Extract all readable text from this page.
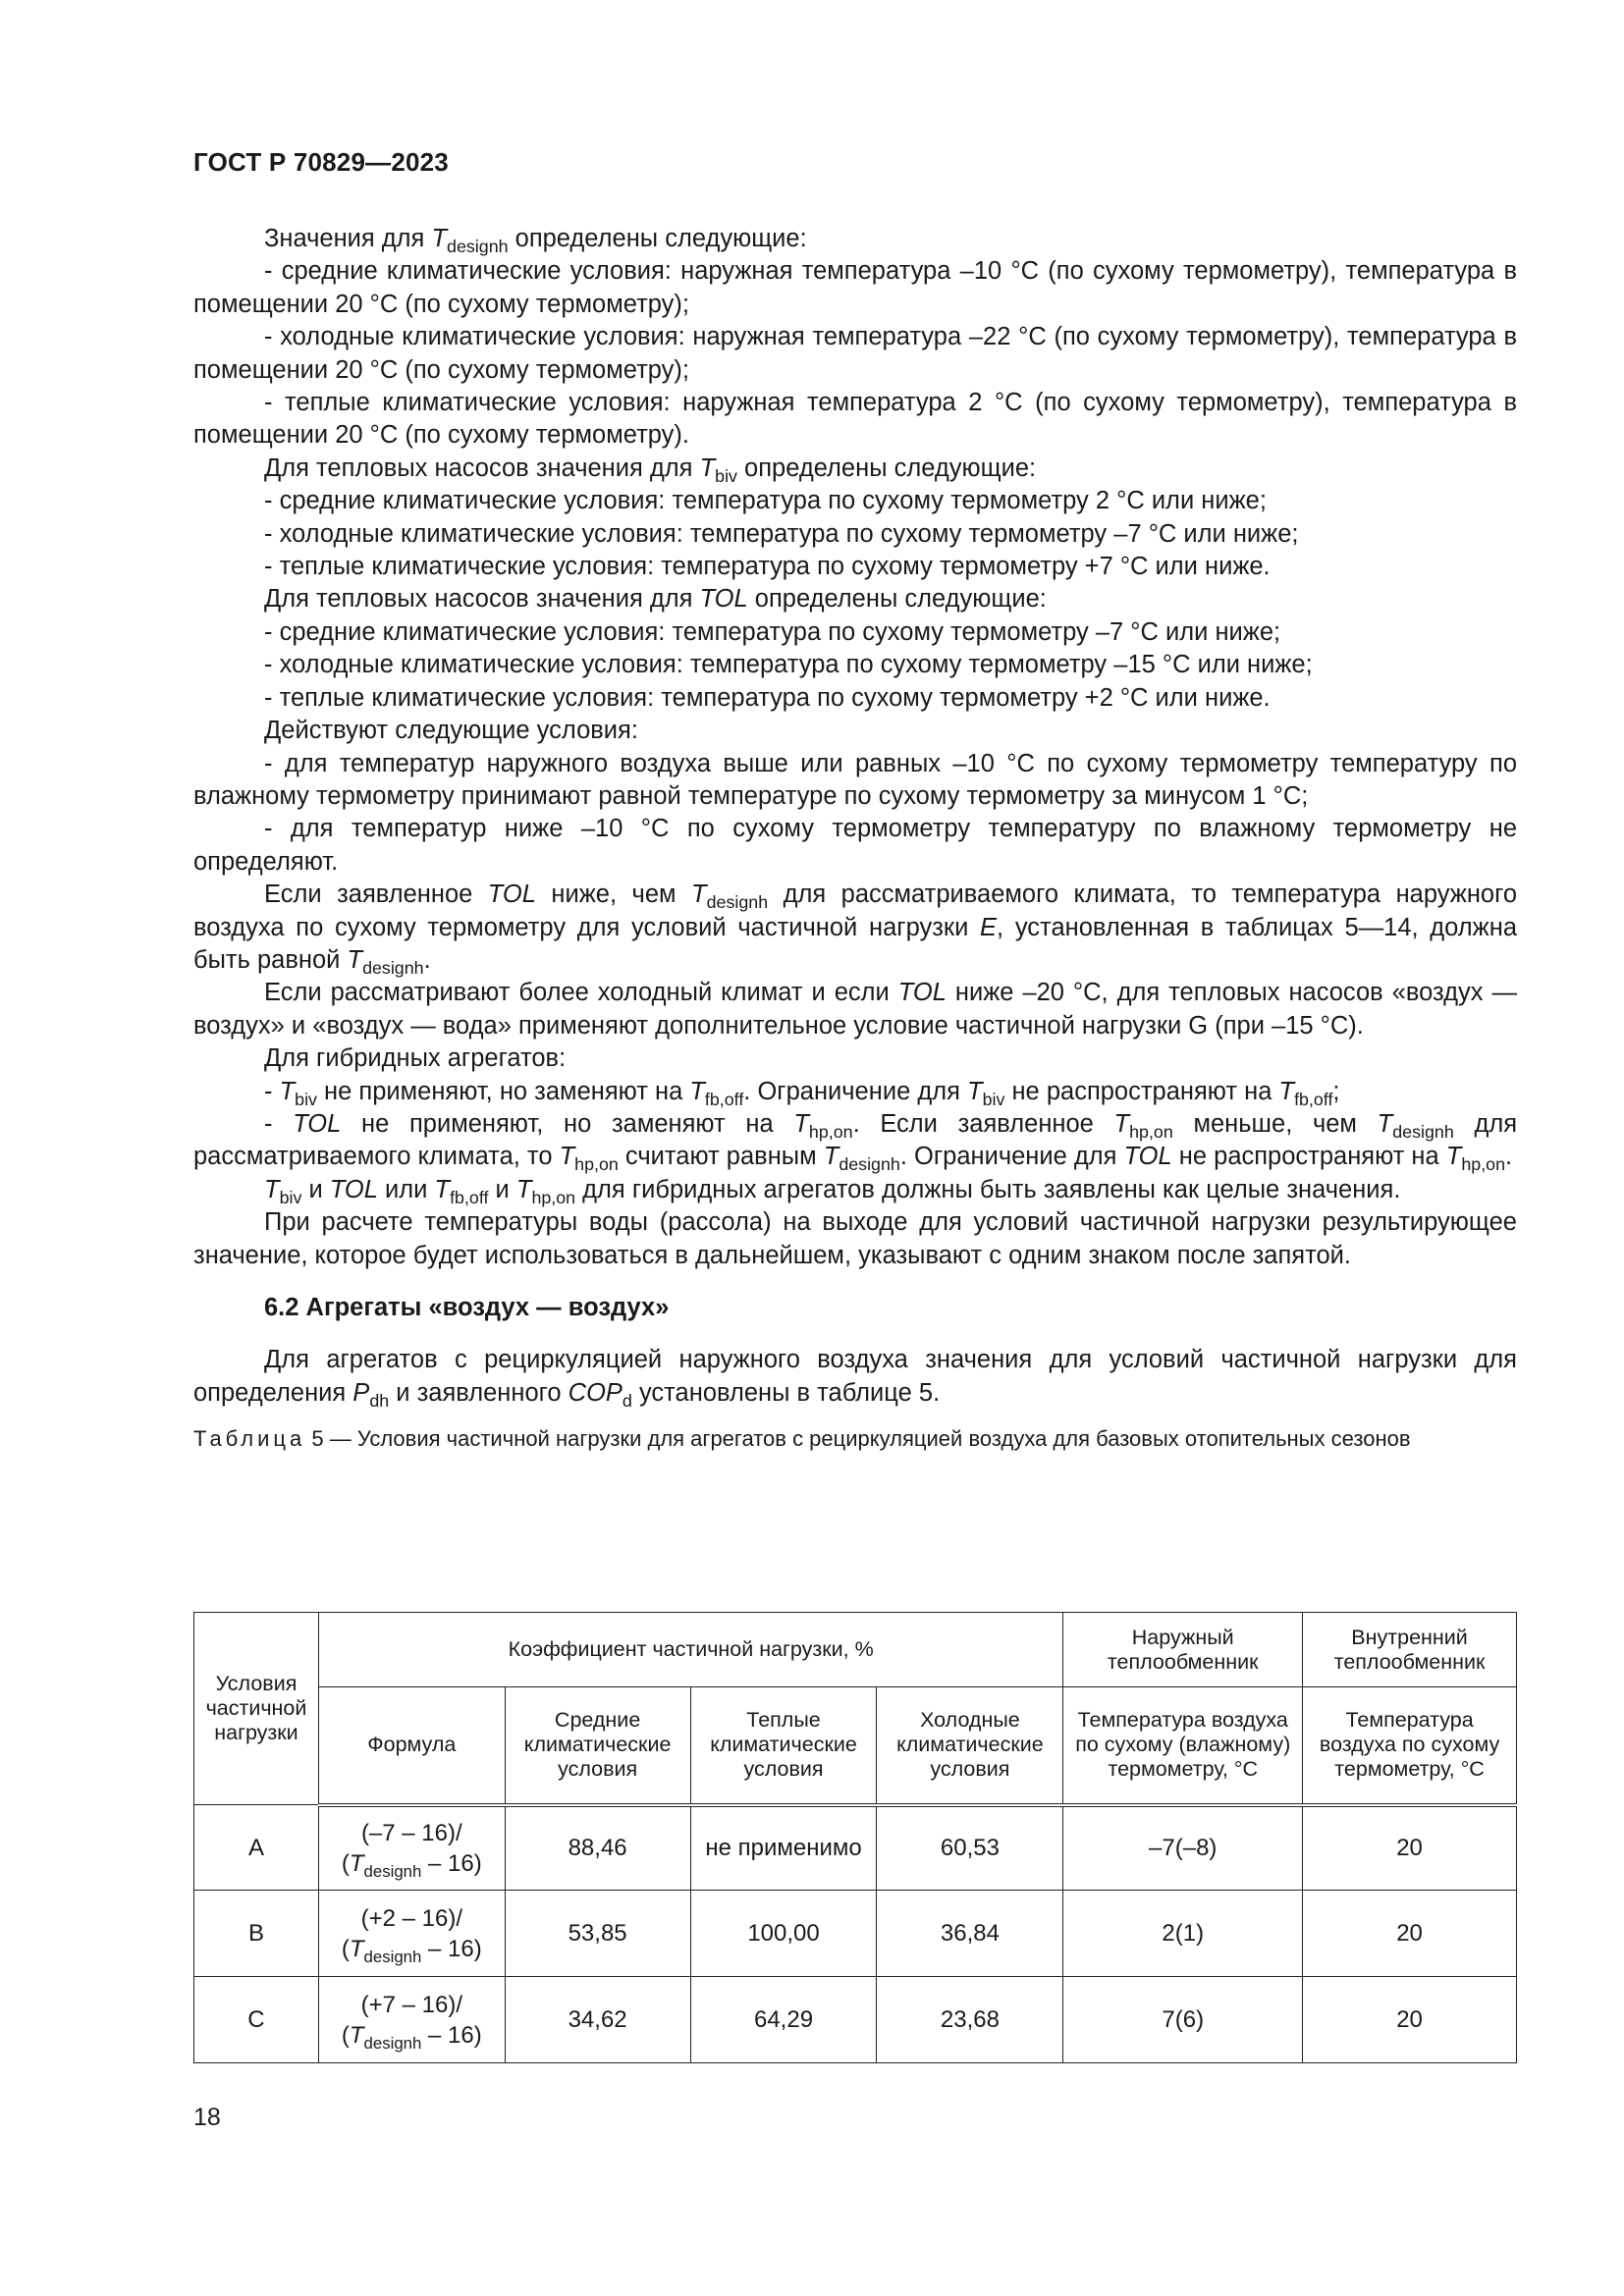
ГОСТ Р 70829—2023

Значения для $T_{designh}$ определены следующие:

- средние климатические условия: наружная температура –10 °С (по сухому термометру), температура в помещении 20 °С (по сухому термометру);

- холодные климатические условия: наружная температура –22 °С (по сухому термометру), температура в помещении 20 °С (по сухому термометру);

- теплые климатические условия: наружная температура 2 °С (по сухому термометру), температура в помещении 20 °С (по сухому термометру).

Для тепловых насосов значения для $T_{biv}$ определены следующие:

- средние климатические условия: температура по сухому термометру 2 °С или ниже;

- холодные климатические условия: температура по сухому термометру –7 °С или ниже;

- теплые климатические условия: температура по сухому термометру +7 °С или ниже.

Для тепловых насосов значения для TOL определены следующие:

- средние климатические условия: температура по сухому термометру –7 °С или ниже;

- холодные климатические условия: температура по сухому термометру –15 °С или ниже;

- теплые климатические условия: температура по сухому термометру +2 °С или ниже.

Действуют следующие условия:

- для температур наружного воздуха выше или равных –10 °С по сухому термометру температуру по влажному термометру принимают равной температуре по сухому термометру за минусом 1 °С;

- для температур ниже –10 °С по сухому термометру температуру по влажному термометру не определяют.

Если заявленное TOL ниже, чем $T_{designh}$ для рассматриваемого климата, то температура наружного воздуха по сухому термометру для условий частичной нагрузки E, установленная в таблицах 5—14, должна быть равной $T_{designh}$.

Если рассматривают более холодный климат и если TOL ниже –20 °С, для тепловых насосов «воздух — воздух» и «воздух — вода» применяют дополнительное условие частичной нагрузки G (при –15 °С).

Для гибридных агрегатов:

- $T_{biv}$ не применяют, но заменяют на $T_{fb,off}$. Ограничение для $T_{biv}$ не распространяют на $T_{fb,off}$;

- TOL не применяют, но заменяют на $T_{hp,on}$. Если заявленное $T_{hp,on}$ меньше, чем $T_{designh}$ для рассматриваемого климата, то $T_{hp,on}$ считают равным $T_{designh}$. Ограничение для TOL не распространяют на $T_{hp,on}$.

$T_{biv}$ и TOL или $T_{fb,off}$ и $T_{hp,on}$ для гибридных агрегатов должны быть заявлены как целые значения.

При расчете температуры воды (рассола) на выходе для условий частичной нагрузки результирующее значение, которое будет использоваться в дальнейшем, указывают с одним знаком после запятой.

6.2 Агрегаты «воздух — воздух»

Для агрегатов с рециркуляцией наружного воздуха значения для условий частичной нагрузки для определения $P_{dh}$ и заявленного $COP_d$ установлены в таблице 5.

Таблица 5 — Условия частичной нагрузки для агрегатов с рециркуляцией воздуха для базовых отопительных сезонов

Условия частичной нагрузки	Коэффициент частичной нагрузки, %				Наружный теплообменник	Внутренний теплообменник
	Формула	Средние климатические условия	Теплые климатические условия	Холодные климатические условия	Температура воздуха по сухому (влажному) термометру, °С	Температура воздуха по сухому термометру, °С
A	(–7 – 16)/
$(T_{designh} - 16)$	88,46	не применимо	60,53	–7(–8)	20
B	(+2 – 16)/
$(T_{designh} - 16)$	53,85	100,00	36,84	2(1)	20
C	(+7 – 16)/
$(T_{designh} - 16)$	34,62	64,29	23,68	7(6)	20
18
